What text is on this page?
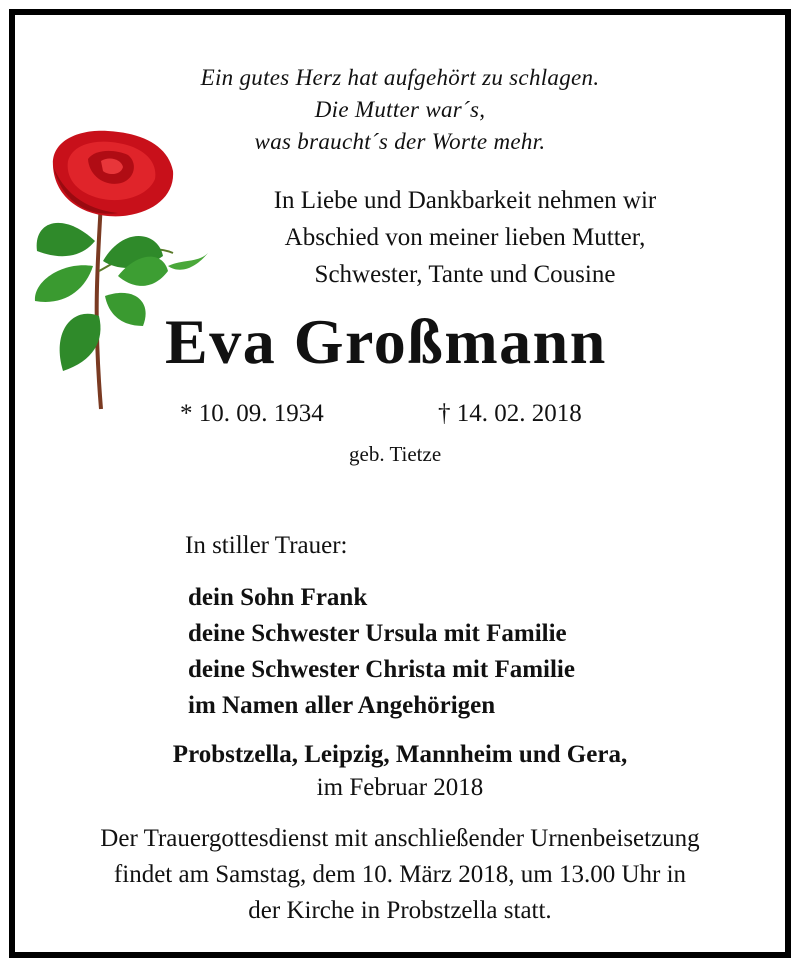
Ein gutes Herz hat aufgehört zu schlagen.
Die Mutter war´s,
was braucht´s der Worte mehr.
In Liebe und Dankbarkeit nehmen wir
Abschied von meiner lieben Mutter,
Schwester, Tante und Cousine
Eva Großmann
* 10. 09. 1934	† 14. 02. 2018
geb. Tietze
In stiller Trauer:
dein Sohn Frank
deine Schwester Ursula mit Familie
deine Schwester Christa mit Familie
im Namen aller Angehörigen
Probstzella, Leipzig, Mannheim und Gera,
im Februar 2018
Der Trauergottesdienst mit anschließender Urnenbeisetzung
findet am Samstag, dem 10. März 2018, um 13.00 Uhr in
der Kirche in Probstzella statt.
